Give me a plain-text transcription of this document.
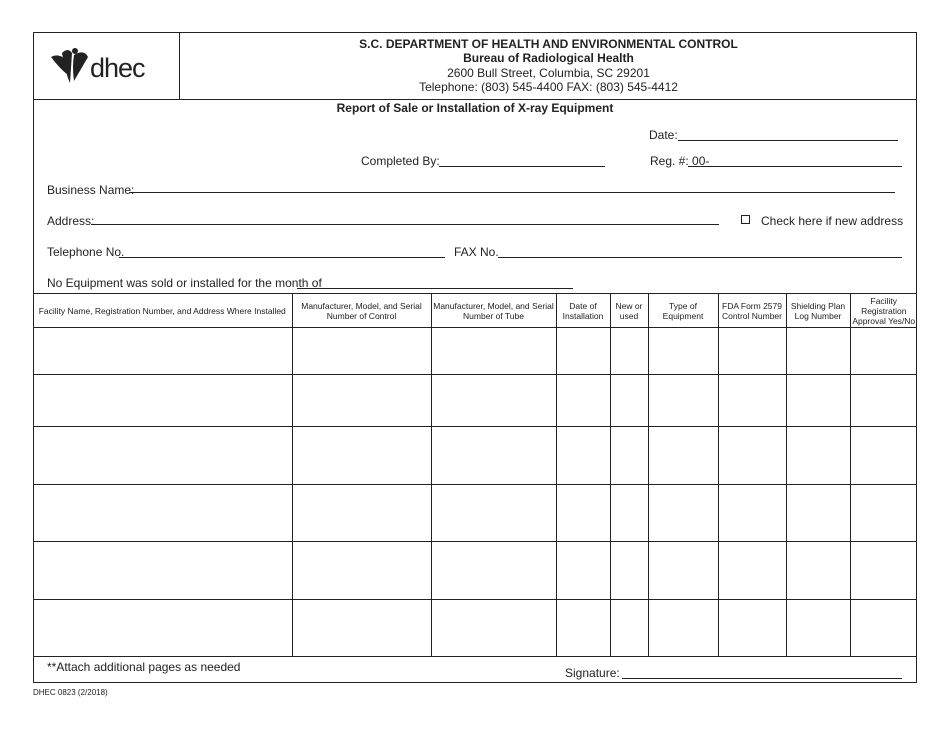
dhec
S.C. DEPARTMENT OF HEALTH AND ENVIRONMENTAL CONTROL
Bureau of Radiological Health
2600 Bull Street, Columbia, SC 29201
Telephone: (803) 545-4400 FAX: (803) 545-4412
Report of Sale or Installation of X-ray Equipment
Date:
Completed By:	Reg. #: 00-
Business Name:
Address:	Check here if new address
Telephone No.	FAX No.
No Equipment was sold or installed for the month of
Facility Name, Registration Number, and Address Where Installed	Manufacturer, Model, and Serial Number of Control	Manufacturer, Model, and Serial Number of Tube	Date of Installation	New or used	Type of Equipment	FDA Form 2579 Control Number	Shielding Plan Log Number	Facility Registration Approval Yes/No

**Attach additional pages as needed	Signature:
DHEC 0823 (2/2018)
